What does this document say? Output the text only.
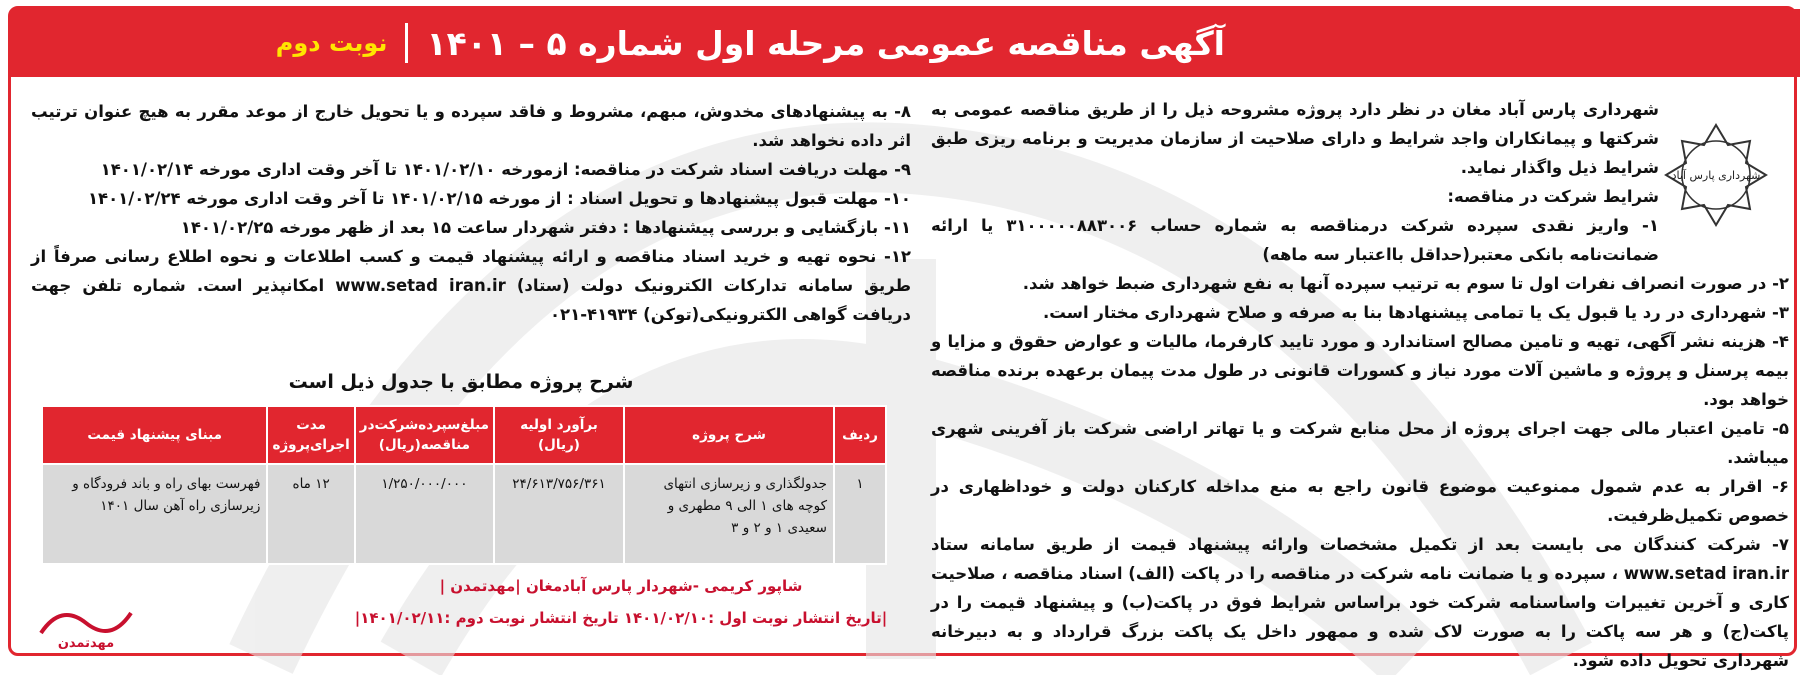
آگهی مناقصه عمومی مرحله اول شماره ۵ – ۱۴۰۱
نوبت دوم
شهرداری پارس آباد

شهرداری پارس آباد مغان در نظر دارد پروژه مشروحه ذیل را از طریق مناقصه عمومی به شرکتها و پیمانکاران واجد شرایط و دارای صلاحیت از سازمان مدیریت و برنامه ریزی طبق شرایط ذیل واگذار نماید.

شرایط شرکت در مناقصه:

۱- واریز نقدی سپرده شرکت درمناقصه به شماره حساب ۳۱۰۰۰۰۰۸۸۳۰۰۶ یا ارائه ضمانت‌نامه بانکی معتبر(حداقل بااعتبار سه ماهه)

۲- در صورت انصراف نفرات اول تا سوم به ترتیب سپرده آنها به نفع شهرداری ضبط خواهد شد.

۳- شهرداری در رد یا قبول یک یا تمامی پیشنهادها بنا به صرفه و صلاح شهرداری مختار است.

۴- هزینه نشر آگهی، تهیه و تامین مصالح استاندارد و مورد تایید کارفرما، مالیات و عوارض حقوق و مزایا و بیمه پرسنل و پروژه و ماشین آلات مورد نیاز و کسورات قانونی در طول مدت پیمان برعهده برنده مناقصه خواهد بود.

۵- تامین اعتبار مالی جهت اجرای پروژه از محل منابع شرکت و یا تهاتر اراضی شرکت باز آفرینی شهری میباشد.

۶- اقرار به عدم شمول ممنوعیت موضوع قانون راجع به منع مداخله کارکنان دولت و خوداظهاری در خصوص تکمیل‌ظرفیت.

۷- شرکت کنندگان می بایست بعد از تکمیل مشخصات وارائه پیشنهاد قیمت از طریق سامانه ستاد www.setad iran.ir ، سپرده و یا ضمانت نامه شرکت در مناقصه را در پاکت (الف) اسناد مناقصه ، صلاحیت کاری و آخرین تغییرات واساسنامه شرکت خود براساس شرایط فوق در پاکت(ب) و پیشنهاد قیمت را در پاکت(ج) و هر سه پاکت را به صورت لاک شده و ممهور داخل یک پاکت بزرگ قرارداد و به دبیرخانه شهرداری تحویل داده شود.

۸- به پیشنهادهای مخدوش، مبهم، مشروط و فاقد سپرده و یا تحویل خارج از موعد مقرر به هیچ عنوان ترتیب اثر داده نخواهد شد.

۹- مهلت دریافت اسناد شرکت در مناقصه: ازمورخه ۱۴۰۱/۰۲/۱۰ تا آخر وقت اداری مورخه ۱۴۰۱/۰۲/۱۴

۱۰- مهلت قبول پیشنهادها و تحویل اسناد : از مورخه ۱۴۰۱/۰۲/۱۵ تا آخر وقت اداری مورخه ۱۴۰۱/۰۲/۲۴

۱۱- بازگشایی و بررسی پیشنهادها : دفتر شهردار ساعت ۱۵ بعد از ظهر مورخه ۱۴۰۱/۰۲/۲۵

۱۲- نحوه تهیه و خرید اسناد مناقصه و ارائه پیشنهاد قیمت و کسب اطلاعات و نحوه اطلاع رسانی صرفاً از طریق سامانه تدارکات الکترونیک دولت (ستاد) www.setad iran.ir امکانپذیر است. شماره تلفن جهت دریافت گواهی الکترونیکی(توکن) ۴۱۹۳۴-۰۲۱

شرح پروژه مطابق با جدول ذیل است
ردیف	شرح پروژه	برآورد اولیه (ریال)	مبلغ‌سپرده‌شرکت‌در مناقصه(ریال)	مدت اجرای‌پروژه	مبنای پیشنهاد قیمت
۱	جدولگذاری و زیرسازی انتهای کوچه های ۱ الی ۹ مطهری و سعیدی ۱ و ۲ و ۳	۲۴/۶۱۳/۷۵۶/۳۶۱	۱/۲۵۰/۰۰۰/۰۰۰	۱۲ ماه	فهرست بهای راه و باند فرودگاه و زیرسازی راه آهن سال ۱۴۰۱
شاپور کریمی -شهردار پارس آبادمغان |مهدتمدن |
|تاریخ انتشار نوبت اول :۱۴۰۱/۰۲/۱۰ تاریخ انتشار نوبت دوم :۱۴۰۱/۰۲/۱۱|
مهدتمدن
